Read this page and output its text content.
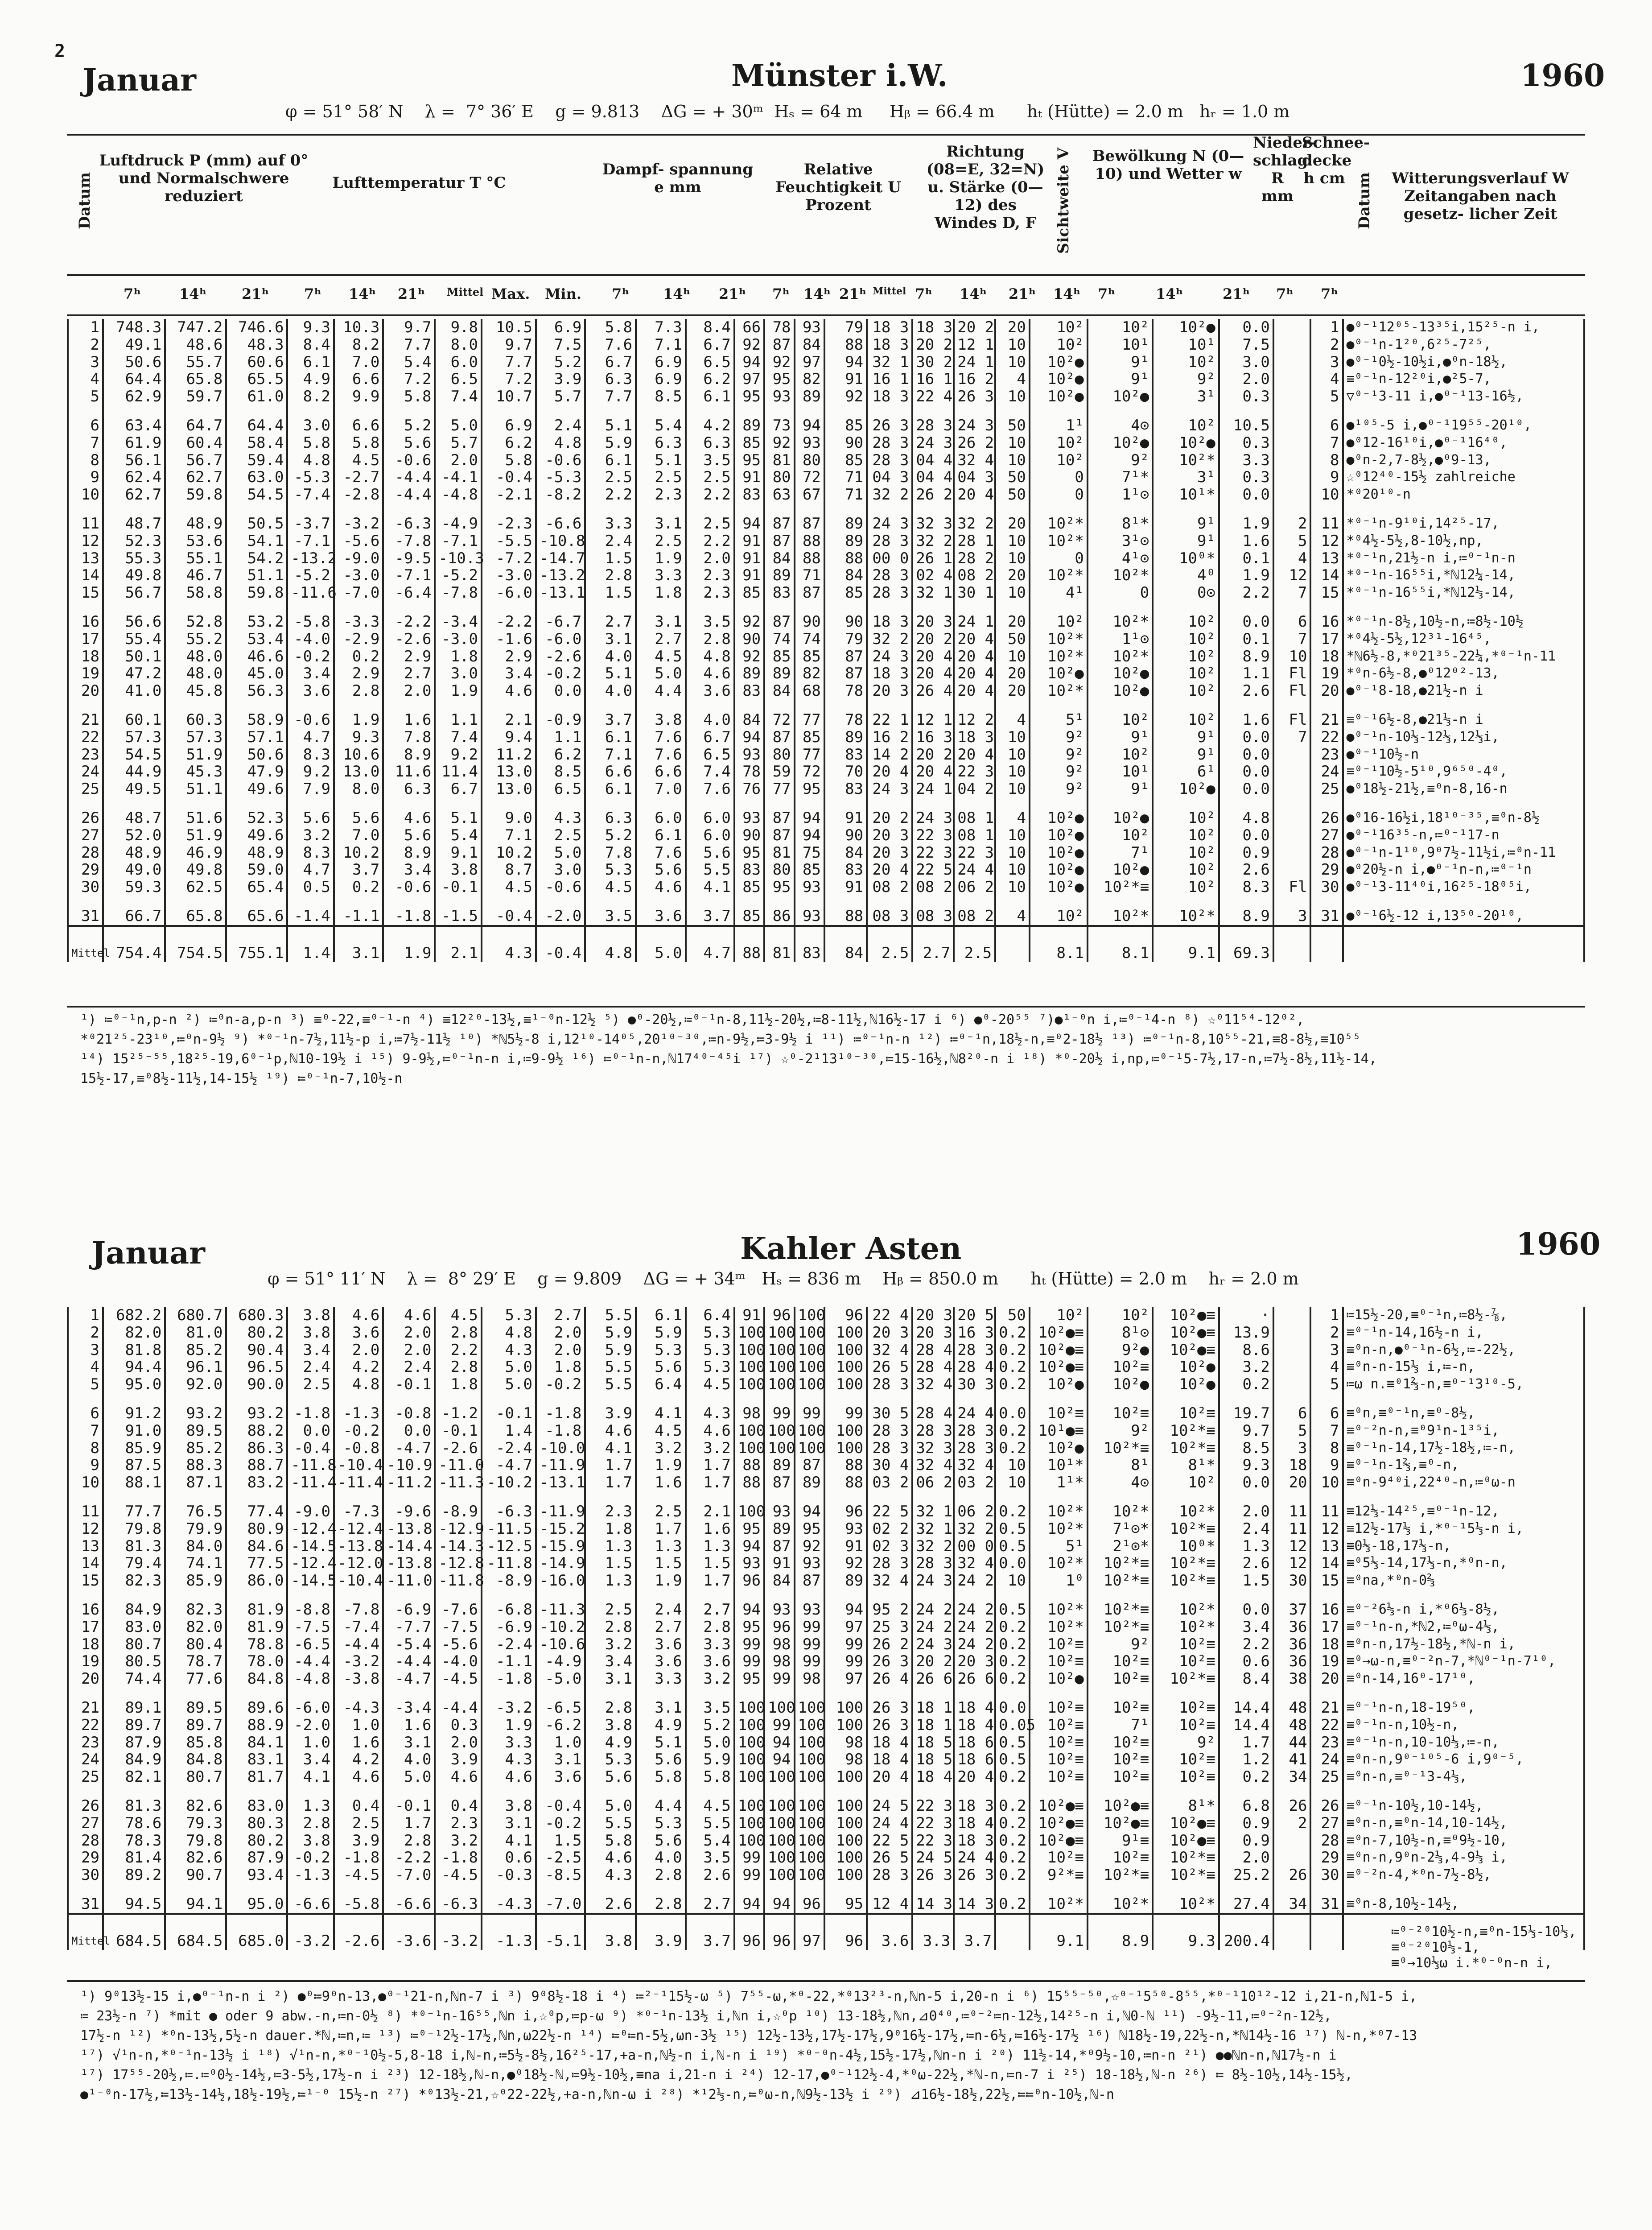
2
Januar	Münster i.W.	1960
φ = 51° 58′ N    λ =  7° 36′ E    g = 9.813    ΔG = + 30ᵐ  Hₛ = 64 m     Hᵦ = 66.4 m      hₜ (Hütte) = 2.0 m   hᵣ = 1.0 m
Datum
Luftdruck P (mm) auf 0° und Normalschwere reduziert
Lufttemperatur T °C
Dampf- spannung e mm
Relative Feuchtigkeit U Prozent
Richtung (08=E, 32=N) u. Stärke (0—12) des Windes D, F	Sichtweite V	Bewölkung N (0—10) und Wetter w
Nieder- schlag R mm
Schnee- decke h cm Datum	Witterungsverlauf W Zeitangaben nach gesetz- licher Zeit
7ʰ	14ʰ 21ʰ 7ʰ 14ʰ 21ʰ Mittel Max. Min. 7ʰ 14ʰ 21ʰ 7ʰ 14ʰ 21ʰ Mittel 7ʰ 14ʰ 21ʰ 14ʰ 7ʰ	14ʰ	21ʰ 7ʰ 7ʰ
1	748.3	747.2	746.6	9.3	10.3	9.7	9.8	10.5	6.9	5.8	7.3	8.4	66	78	93	79	18 3	18 3	20 2	20	10²	10²	10²●	0.0		1	●⁰⁻¹12⁰⁵-13³⁵i,15²⁵-n i,
2	49.1	48.6	48.3	8.4	8.2	7.7	8.0	9.7	7.5	7.6	7.1	6.7	92	87	84	88	18 3	20 2	12 1	10	10²	10¹	10¹	7.5		2	●⁰⁻¹n-1²⁰,6²⁵-7²⁵,
3	50.6	55.7	60.6	6.1	7.0	5.4	6.0	7.7	5.2	6.7	6.9	6.5	94	92	97	94	32 1	30 2	24 1	10	10²●	9¹	10²	3.0		3	●⁰⁻¹0½-10½i,●⁰n-18½,
4	64.4	65.8	65.5	4.9	6.6	7.2	6.5	7.2	3.9	6.3	6.9	6.2	97	95	82	91	16 1	16 1	16 2	4	10²●	9¹	9²	2.0		4	≡⁰⁻¹n-12²⁰i,●²5-7,
5	62.9	59.7	61.0	8.2	9.9	5.8	7.4	10.7	5.7	7.7	8.5	6.1	95	93	89	92	18 3	22 4	26 3	10	10²●	10²●	3¹	0.3		5	▽⁰⁻¹3-11 i,●⁰⁻¹13-16½,
6	63.4	64.7	64.4	3.0	6.6	5.2	5.0	6.9	2.4	5.1	5.4	4.2	89	73	94	85	26 3	28 3	24 3	50	1¹	4⊙	10²	10.5		6	●¹⁰⁵-5 i,●⁰⁻¹19⁵⁵-20¹⁰,
7	61.9	60.4	58.4	5.8	5.8	5.6	5.7	6.2	4.8	5.9	6.3	6.3	85	92	93	90	28 3	24 3	26 2	10	10²	10²●	10²●	0.3		7	●⁰12-16¹⁰i,●⁰⁻¹16⁴⁰,
8	56.1	56.7	59.4	4.8	4.5	-0.6	2.0	5.8	-0.6	6.1	5.1	3.5	95	81	80	85	28 3	04 4	32 4	10	10²	9²	10²*	3.3		8	●⁰n-2,7-8½,●⁰9-13,
9	62.4	62.7	63.0	-5.3	-2.7	-4.4	-4.1	-0.4	-5.3	2.5	2.5	2.5	91	80	72	71	04 3	04 4	04 3	50	0	7¹*	3¹	0.3		9	☆⁰12⁴⁰-15½ zahlreiche
10	62.7	59.8	54.5	-7.4	-2.8	-4.4	-4.8	-2.1	-8.2	2.2	2.3	2.2	83	63	67	71	32 2	26 2	20 4	50	0	1¹⊙	10¹*	0.0		10	*⁰20¹⁰-n
11	48.7	48.9	50.5	-3.7	-3.2	-6.3	-4.9	-2.3	-6.6	3.3	3.1	2.5	94	87	87	89	24 3	32 3	32 2	20	10²*	8¹*	9¹	1.9	2	11	*⁰⁻¹n-9¹⁰i,14²⁵-17,
12	52.3	53.6	54.1	-7.1	-5.6	-7.8	-7.1	-5.5	-10.8	2.4	2.5	2.2	91	87	88	89	28 3	32 2	28 1	10	10²*	3¹⊙	9¹	1.6	5	12	*⁰4½-5½,8-10½,np,
13	55.3	55.1	54.2	-13.2	-9.0	-9.5	-10.3	-7.2	-14.7	1.5	1.9	2.0	91	84	88	88	00 0	26 1	28 2	10	0	4¹⊙	10⁰*	0.1	4	13	*⁰⁻¹n,21½-n i,≔⁰⁻¹n-n
14	49.8	46.7	51.1	-5.2	-3.0	-7.1	-5.2	-3.0	-13.2	2.8	3.3	2.3	91	89	71	84	28 3	02 4	08 2	20	10²*	10²*	4⁰	1.9	12	14	*⁰⁻¹n-16⁵⁵i,*ℕ12¼-14,
15	56.7	58.8	59.8	-11.6	-7.0	-6.4	-7.8	-6.0	-13.1	1.5	1.8	2.3	85	83	87	85	28 3	32 1	30 1	10	4¹	0	0⊙	2.2	7	15	*⁰⁻¹n-16⁵⁵i,*ℕ12⅓-14,
16	56.6	52.8	53.2	-5.8	-3.3	-2.2	-3.4	-2.2	-6.7	2.7	3.1	3.5	92	87	90	90	18 3	20 3	24 1	20	10²	10²*	10²	0.0	6	16	*⁰⁻¹n-8½,10½-n,≔8½-10½
17	55.4	55.2	53.4	-4.0	-2.9	-2.6	-3.0	-1.6	-6.0	3.1	2.7	2.8	90	74	74	79	32 2	20 2	20 4	50	10²*	1¹⊙	10²	0.1	7	17	*⁰4½-5½,12³¹-16⁴⁵,
18	50.1	48.0	46.6	-0.2	0.2	2.9	1.8	2.9	-2.6	4.0	4.5	4.8	92	85	85	87	24 3	20 4	20 4	10	10²*	10²*	10²	8.9	10	18	*ℕ6½-8,*⁰21³⁵-22¼,*⁰⁻¹n-11
19	47.2	48.0	45.0	3.4	2.9	2.7	3.0	3.4	-0.2	5.1	5.0	4.6	89	89	82	87	18 3	20 4	20 4	20	10²●	10²●	10²	1.1	Fl	19	*⁰n-6½-8,●⁰12⁰²-13,
20	41.0	45.8	56.3	3.6	2.8	2.0	1.9	4.6	0.0	4.0	4.4	3.6	83	84	68	78	20 3	26 4	20 4	20	10²*	10²●	10²	2.6	Fl	20	●⁰⁻¹8-18,●21½-n i
21	60.1	60.3	58.9	-0.6	1.9	1.6	1.1	2.1	-0.9	3.7	3.8	4.0	84	72	77	78	22 1	12 1	12 2	4	5¹	10²	10²	1.6	Fl	21	≡⁰⁻¹6½-8,●21⅓-n i
22	57.3	57.3	57.1	4.7	9.3	7.8	7.4	9.4	1.1	6.1	7.6	6.7	94	87	85	89	16 2	16 3	18 3	10	9²	9¹	9¹	0.0	7	22	●⁰⁻¹n-10⅓-12⅓,12⅓i,
23	54.5	51.9	50.6	8.3	10.6	8.9	9.2	11.2	6.2	7.1	7.6	6.5	93	80	77	83	14 2	20 2	20 4	10	9²	10²	9¹	0.0		23	●⁰⁻¹10½-n
24	44.9	45.3	47.9	9.2	13.0	11.6	11.4	13.0	8.5	6.6	6.6	7.4	78	59	72	70	20 4	20 4	22 3	10	9²	10¹	6¹	0.0		24	≡⁰⁻¹10½-5¹⁰,9⁶⁵⁰-4⁰,
25	49.5	51.1	49.6	7.9	8.0	6.3	6.7	13.0	6.5	6.1	7.0	7.6	76	77	95	83	24 3	24 1	04 2	10	9²	9¹	10²●	0.0		25	●⁰18½-21½,≡⁰n-8,16-n
26	48.7	51.6	52.3	5.6	5.6	4.6	5.1	9.0	4.3	6.3	6.0	6.0	93	87	94	91	20 2	24 3	08 1	4	10²●	10²●	10²	4.8		26	●⁰16-16½i,18¹⁰⁻³⁵,≡⁰n-8½
27	52.0	51.9	49.6	3.2	7.0	5.6	5.4	7.1	2.5	5.2	6.1	6.0	90	87	94	90	20 3	22 3	08 1	10	10²●	10²	10²	0.0		27	●⁰⁻¹16³⁵-n,≔⁰⁻¹17-n
28	48.9	46.9	48.9	8.3	10.2	8.9	9.1	10.2	5.0	7.8	7.6	5.6	95	81	75	84	20 3	22 3	22 3	10	10²●	7¹	10²	0.9		28	●⁰⁻¹n-1¹⁰,9⁰7½-11½i,≔⁰n-11
29	49.0	49.8	59.0	4.7	3.7	3.4	3.8	8.7	3.0	5.3	5.6	5.5	83	80	85	83	20 4	22 5	24 4	10	10²●	10²●	10²	2.6		29	●⁰20½-n i,●⁰⁻¹n-n,≔⁰⁻¹n
30	59.3	62.5	65.4	0.5	0.2	-0.6	-0.1	4.5	-0.6	4.5	4.6	4.1	85	95	93	91	08 2	08 2	06 2	10	10²●	10²*≡	10²	8.3	Fl	30	●⁰⁻¹3-11⁴⁰i,16²⁵-18⁰⁵i,
31	66.7	65.8	65.6	-1.4	-1.1	-1.8	-1.5	-0.4	-2.0	3.5	3.6	3.7	85	86	93	88	08 3	08 3	08 2	4	10²	10²*	10²*	8.9	3	31	●⁰⁻¹6½-12 i,13⁵⁰-20¹⁰,
Mittel	754.4	754.5	755.1	1.4	3.1	1.9	2.1	4.3	-0.4	4.8	5.0	4.7	88	81	83	84	2.5	2.7	2.5		8.1	8.1	9.1	69.3			
¹) ≔⁰⁻¹n,p-n ²) ≔⁰n-a,p-n ³) ≡⁰-22,≡⁰⁻¹-n ⁴) ≡12²⁰-13½,≡¹⁻⁰n-12½ ⁵) ●⁰-20½,≔⁰⁻¹n-8,11½-20½,≔8-11½,ℕ16½-17 i ⁶) ●⁰-20⁵⁵ ⁷)●¹⁻⁰n i,≔⁰⁻¹4-n ⁸) ☆⁰11⁵⁴-12⁰²,
*⁰21²⁵-23¹⁰,≔⁰n-9½ ⁹) *⁰⁻¹n-7½,11½-p i,≔7½-11½ ¹⁰) *ℕ5½-8 i,12¹⁰-14⁰⁵,20¹⁰⁻³⁰,≔n-9½,≔3-9½ i ¹¹) ≔⁰⁻¹n-n ¹²) ≔⁰⁻¹n,18½-n,≡⁰2-18½ ¹³) ≔⁰⁻¹n-8,10⁵⁵-21,≡8-8½,≡10⁵⁵
¹⁴) 15²⁵⁻⁵⁵,18²⁵-19,6⁰⁻¹p,ℕ10-19½ i ¹⁵) 9-9½,≔⁰⁻¹n-n i,≔9-9½ ¹⁶) ≔⁰⁻¹n-n,ℕ17⁴⁰⁻⁴⁵i ¹⁷) ☆⁰-2¹13¹⁰⁻³⁰,≔15-16½,ℕ8²⁰-n i ¹⁸) *⁰-20½ i,np,≔⁰⁻¹5-7½,17-n,≔7½-8½,11½-14,
15½-17,≡⁰8½-11½,14-15½ ¹⁹) ≔⁰⁻¹n-7,10½-n
Januar	Kahler Asten	1960
φ = 51° 11′ N    λ =  8° 29′ E    g = 9.809    ΔG = + 34ᵐ   Hₛ = 836 m    Hᵦ = 850.0 m      hₜ (Hütte) = 2.0 m    hᵣ = 2.0 m
1	682.2	680.7	680.3	3.8	4.6	4.6	4.5	5.3	2.7	5.5	6.1	6.4	91	96	100	96	22 4	20 3	20 5	50	10²	10²	10²●≡	·		1	≔15½-20,≡⁰⁻¹n,≔8½-⅞,
2	82.0	81.0	80.2	3.8	3.6	2.0	2.8	4.8	2.0	5.9	5.9	5.3	100	100	100	100	20 3	20 3	16 3	0.2	10²●≡	8¹⊙	10²●≡	13.9		2	≡⁰⁻¹n-14,16½-n i,
3	81.8	85.2	90.4	3.4	2.0	2.0	2.2	4.3	2.0	5.9	5.3	5.3	100	100	100	100	32 4	28 4	28 3	0.2	10²●≡	9²●	10²●≡	8.6		3	≡⁰n-n,●⁰⁻¹n-6½,≔-22½,
4	94.4	96.1	96.5	2.4	4.2	2.4	2.8	5.0	1.8	5.5	5.6	5.3	100	100	100	100	26 5	28 4	28 4	0.2	10²●≡	10²≡	10²●	3.2		4	≡⁰n-n-15⅓ i,≔-n,
5	95.0	92.0	90.0	2.5	4.8	-0.1	1.8	5.0	-0.2	5.5	6.4	4.5	100	100	100	100	28 3	32 4	30 3	0.2	10²●	10²●	10²●	0.2		5	≔ω n.≡⁰1⅔-n,≡⁰⁻¹3¹⁰-5,
6	91.2	93.2	93.2	-1.8	-1.3	-0.8	-1.2	-0.1	-1.8	3.9	4.1	4.3	98	99	99	99	30 5	28 4	24 4	0.0	10²≡	10²≡	10²≡	19.7	6	6	≡⁰n,≡⁰⁻¹n,≡⁰-8½,
7	91.0	89.5	88.2	0.0	-0.2	0.0	-0.1	1.4	-1.8	4.6	4.5	4.6	100	100	100	100	28 3	28 3	28 3	0.2	10¹●≡	9²	10²*≡	9.7	5	7	≡⁰⁻²n-n,≡⁰9¹n-1³⁵i,
8	85.9	85.2	86.3	-0.4	-0.8	-4.7	-2.6	-2.4	-10.0	4.1	3.2	3.2	100	100	100	100	28 3	32 3	28 3	0.2	10²●	10²*≡	10²*≡	8.5	3	8	≡⁰⁻¹n-14,17½-18½,≔-n,
9	87.5	88.3	88.7	-11.8	-10.4	-10.9	-11.0	-4.7	-11.9	1.7	1.9	1.7	88	89	87	88	30 4	32 4	32 4	10	10¹*	8¹	8¹*	9.3	18	9	≡⁰⁻¹n-1⅔,≡⁰-n,
10	88.1	87.1	83.2	-11.4	-11.4	-11.2	-11.3	-10.2	-13.1	1.7	1.6	1.7	88	87	89	88	03 2	06 2	03 2	10	1¹*	4⊙	10²	0.0	20	10	≡⁰n-9⁴⁰i,22⁴⁰-n,≔⁰ω-n
11	77.7	76.5	77.4	-9.0	-7.3	-9.6	-8.9	-6.3	-11.9	2.3	2.5	2.1	100	93	94	96	22 5	32 1	06 2	0.2	10²*	10²*	10²*	2.0	11	11	≡12⅓-14²⁵,≡⁰⁻¹n-12,
12	79.8	79.9	80.9	-12.4	-12.4	-13.8	-12.9	-11.5	-15.2	1.8	1.7	1.6	95	89	95	93	02 2	32 1	32 2	0.5	10²*	7¹⊙*	10²*≡	2.4	11	12	≡12½-17⅓ i,*⁰⁻¹5⅓-n i,
13	81.3	84.0	84.6	-14.5	-13.8	-14.4	-14.3	-12.5	-15.9	1.3	1.3	1.3	94	87	92	91	02 3	32 2	00 0	0.5	5¹	2¹⊙*	10⁰*	1.3	12	13	≡0⅓-18,17⅓-n,
14	79.4	74.1	77.5	-12.4	-12.0	-13.8	-12.8	-11.8	-14.9	1.5	1.5	1.5	93	91	93	92	28 3	28 3	32 4	0.0	10²*	10²*≡	10²*≡	2.6	12	14	≡⁰5⅓-14,17⅓-n,*⁰n-n,
15	82.3	85.9	86.0	-14.5	-10.4	-11.0	-11.8	-8.9	-16.0	1.3	1.9	1.7	96	84	87	89	32 4	24 3	24 2	10	1⁰	10²*≡	10²*≡	1.5	30	15	≡⁰na,*⁰n-0⅔
16	84.9	82.3	81.9	-8.8	-7.8	-6.9	-7.6	-6.8	-11.3	2.5	2.4	2.7	94	93	93	94	95 2	24 2	24 2	0.5	10²*	10²*≡	10²*	0.0	37	16	≡⁰⁻²6⅓-n i,*⁰6⅓-8½,
17	83.0	82.0	81.9	-7.5	-7.4	-7.7	-7.5	-6.9	-10.2	2.8	2.7	2.8	95	96	99	97	25 3	24 2	24 2	0.2	10²*	10²*≡	10²*	3.4	36	17	≡⁰⁻¹n-n,*ℕ2,≔⁰ω-4⅓,
18	80.7	80.4	78.8	-6.5	-4.4	-5.4	-5.6	-2.4	-10.6	3.2	3.6	3.3	99	98	99	99	26 2	24 3	24 2	0.2	10²≡	9²	10²≡	2.2	36	18	≡⁰n-n,17½-18½,*ℕ-n i,
19	80.5	78.7	78.0	-4.4	-3.2	-4.4	-4.0	-1.1	-4.9	3.4	3.6	3.6	99	98	99	99	26 3	20 2	20 3	0.2	10²≡	10²≡	10²≡	0.6	36	19	≡⁰→ω-n,≡⁰⁻²n-7,*ℕ⁰⁻¹n-7¹⁰,
20	74.4	77.6	84.8	-4.8	-3.8	-4.7	-4.5	-1.8	-5.0	3.1	3.3	3.2	95	99	98	97	26 4	26 6	26 6	0.2	10²●	10²≡	10²*≡	8.4	38	20	≡⁰n-14,16⁰-17¹⁰,
21	89.1	89.5	89.6	-6.0	-4.3	-3.4	-4.4	-3.2	-6.5	2.8	3.1	3.5	100	100	100	100	26 3	18 1	18 4	0.0	10²≡	10²≡	10²≡	14.4	48	21	≡⁰⁻¹n-n,18-19⁵⁰,
22	89.7	89.7	88.9	-2.0	1.0	1.6	0.3	1.9	-6.2	3.8	4.9	5.2	100	99	100	100	26 3	18 1	18 4	0.05	10²≡	7¹	10²≡	14.4	48	22	≡⁰⁻¹n-n,10½-n,
23	87.9	85.8	84.1	1.0	1.6	3.1	2.0	3.3	1.0	4.9	5.1	5.0	100	94	100	98	18 4	18 5	18 6	0.5	10²≡	10²≡	9²	1.7	44	23	≡⁰⁻¹n-n,10-10⅓,≔-n,
24	84.9	84.8	83.1	3.4	4.2	4.0	3.9	4.3	3.1	5.3	5.6	5.9	100	94	100	98	18 4	18 5	18 6	0.5	10²≡	10²≡	10²≡	1.2	41	24	≡⁰n-n,9⁰⁻¹⁰⁵-6 i,9⁰⁻⁵,
25	82.1	80.7	81.7	4.1	4.6	5.0	4.6	4.6	3.6	5.6	5.8	5.8	100	100	100	100	20 4	18 4	20 4	0.2	10²≡	10²≡	10²≡	0.2	34	25	≡⁰n-n,≡⁰⁻¹3-4⅓,
26	81.3	82.6	83.0	1.3	0.4	-0.1	0.4	3.8	-0.4	5.0	4.4	4.5	100	100	100	100	24 5	22 3	18 3	0.2	10²●≡	10²●≡	8¹*	6.8	26	26	≡⁰⁻¹n-10½,10-14½,
27	78.6	79.3	80.3	2.8	2.5	1.7	2.3	3.1	-0.2	5.5	5.3	5.5	100	100	100	100	24 4	22 3	18 4	0.2	10²●≡	10²●≡	10²●≡	0.9	2	27	≡⁰n-n,≡⁰n-14,10-14½,
28	78.3	79.8	80.2	3.8	3.9	2.8	3.2	4.1	1.5	5.8	5.6	5.4	100	100	100	100	22 5	22 3	18 3	0.2	10²●≡	9¹≡	10²●≡	0.9		28	≡⁰n-7,10½-n,≡⁰9½-10,
29	81.4	82.6	87.9	-0.2	-1.8	-2.2	-1.8	0.6	-2.5	4.6	4.0	3.5	99	100	100	100	26 5	24 5	24 4	0.2	10²≡	10²≡	10²*≡	2.0		29	≡⁰n-n,9⁰n-2⅓,4-9⅓ i,
30	89.2	90.7	93.4	-1.3	-4.5	-7.0	-4.5	-0.3	-8.5	4.3	2.8	2.6	99	100	100	100	28 3	26 3	26 3	0.2	9²*≡	10²*≡	10²*≡	25.2	26	30	≡⁰⁻²n-4,*⁰n-7½-8½,
31	94.5	94.1	95.0	-6.6	-5.8	-6.6	-6.3	-4.3	-7.0	2.6	2.8	2.7	94	94	96	95	12 4	14 3	14 3	0.2	10²*	10²*	10²*	27.4	34	31	≡⁰n-8,10½-14½,
Mittel	684.5	684.5	685.0	-3.2	-2.6	-3.6	-3.2	-1.3	-5.1	3.8	3.9	3.7	96	96	97	96	3.6	3.3	3.7		9.1	8.9	9.3	200.4			
≔⁰⁻²⁰10½-n,≡⁰n-15⅓-10⅓,
≡⁰⁻²⁰10⅓-1,
≡⁰→10⅓ω i.*⁰⁻⁰n-n i,
¹) 9⁰13½-15 i,●⁰⁻¹n-n i ²) ●⁰≔9⁰n-13,●⁰⁻¹21-n,ℕn-7 i ³) 9⁰8½-18 i ⁴) ≔²⁻¹15½-ω ⁵) 7⁵⁵-ω,*⁰-22,*⁰13²³-n,ℕn-5 i,20-n i ⁶) 15⁵⁵⁻⁵⁰,☆⁰⁻¹5⁵⁰-8⁵⁵,*⁰⁻¹10¹²-12 i,21-n,ℕ1-5 i,
≔ 23½-n ⁷) *mit ● oder 9 abw.-n,≔n-0½ ⁸) *⁰⁻¹n-16⁵⁵,ℕn i,☆⁰p,≔p-ω ⁹) *⁰⁻¹n-13½ i,ℕn i,☆⁰p ¹⁰) 13-18½,ℕn,⊿0⁴⁰,≔⁰⁻²≔n-12½,14²⁵-n i,ℕ0-ℕ ¹¹) -9½-11,≔⁰⁻²n-12½,
17½-n ¹²) *⁰n-13½,5½-n dauer.*ℕ,≔n,≔ ¹³) ≔⁰⁻¹2½-17½,ℕn,ω22½-n ¹⁴) ≔⁰≔n-5½,ωn-3½ ¹⁵) 12½-13½,17½-17½,9⁰16½-17½,≔n-6½,≔16½-17½ ¹⁶) ℕ18½-19,22½-n,*ℕ14½-16 ¹⁷) ℕ-n,*⁰7-13
¹⁷) √¹n-n,*⁰⁻¹n-13½ i ¹⁸) √¹n-n,*⁰⁻¹0½-5,8-18 i,ℕ-n,≔5½-8½,16²⁵-17,+a-n,ℕ½-n i,ℕ-n i ¹⁹) *⁰⁻⁰n-4½,15½-17½,ℕn-n i ²⁰) 11½-14,*⁰9½-10,≔n-n ²¹) ●●ℕn-n,ℕ17½-n i
¹⁷) 17⁵⁵-20½,≔.≔⁰0½-14½,≔3-5½,17½-n i ²³) 12-18½,ℕ-n,●⁰18½-ℕ,≔9½-10½,≡na i,21-n i ²⁴) 12-17,●⁰⁻¹12½-4,*⁰ω-22½,*ℕ-n,≔n-7 i ²⁵) 18-18½,ℕ-n ²⁶) ≔ 8½-10½,14½-15½,
●¹⁻⁰n-17½,≔13½-14½,18½-19½,≔¹⁻⁰ 15½-n ²⁷) *⁰13½-21,☆⁰22-22½,+a-n,ℕn-ω i ²⁸) *¹2⅓-n,≔⁰ω-n,ℕ9½-13½ i ²⁹) ⊿16½-18½,22½,≔≔⁰n-10½,ℕ-n
